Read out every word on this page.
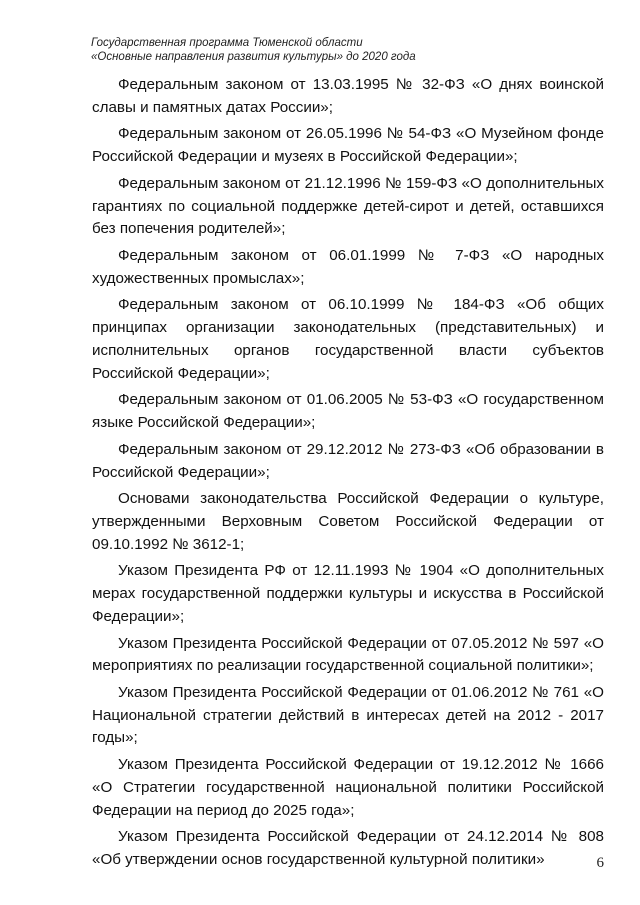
Государственная программа Тюменской области
«Основные направления развития культуры» до 2020 года

Федеральным законом от 13.03.1995 № 32-ФЗ «О днях воинской славы и памятных датах России»;

Федеральным законом от 26.05.1996 № 54-ФЗ «О Музейном фонде Российской Федерации и музеях в Российской Федерации»;

Федеральным законом от 21.12.1996 № 159-ФЗ «О дополнительных гарантиях по социальной поддержке детей-сирот и детей, оставшихся без попечения родителей»;

Федеральным законом от 06.01.1999 № 7-ФЗ «О народных художественных промыслах»;

Федеральным законом от 06.10.1999 № 184-ФЗ «Об общих принципах организации законодательных (представительных) и исполнительных органов государственной власти субъектов Российской Федерации»;

Федеральным законом от 01.06.2005 № 53-ФЗ «О государственном языке Российской Федерации»;

Федеральным законом от 29.12.2012 № 273-ФЗ «Об образовании в Российской Федерации»;

Основами законодательства Российской Федерации о культуре, утвержденными Верховным Советом Российской Федерации от 09.10.1992 № 3612-1;

Указом Президента РФ от 12.11.1993 № 1904 «О дополнительных мерах государственной поддержки культуры и искусства в Российской Федерации»;

Указом Президента Российской Федерации от 07.05.2012 № 597 «О мероприятиях по реализации государственной социальной политики»;

Указом Президента Российской Федерации от 01.06.2012 № 761 «О Национальной стратегии действий в интересах детей на 2012 - 2017 годы»;

Указом Президента Российской Федерации от 19.12.2012 № 1666 «О Стратегии государственной национальной политики Российской Федерации на период до 2025 года»;

Указом Президента Российской Федерации от 24.12.2014 № 808 «Об утверждении основ государственной культурной политики»	6
